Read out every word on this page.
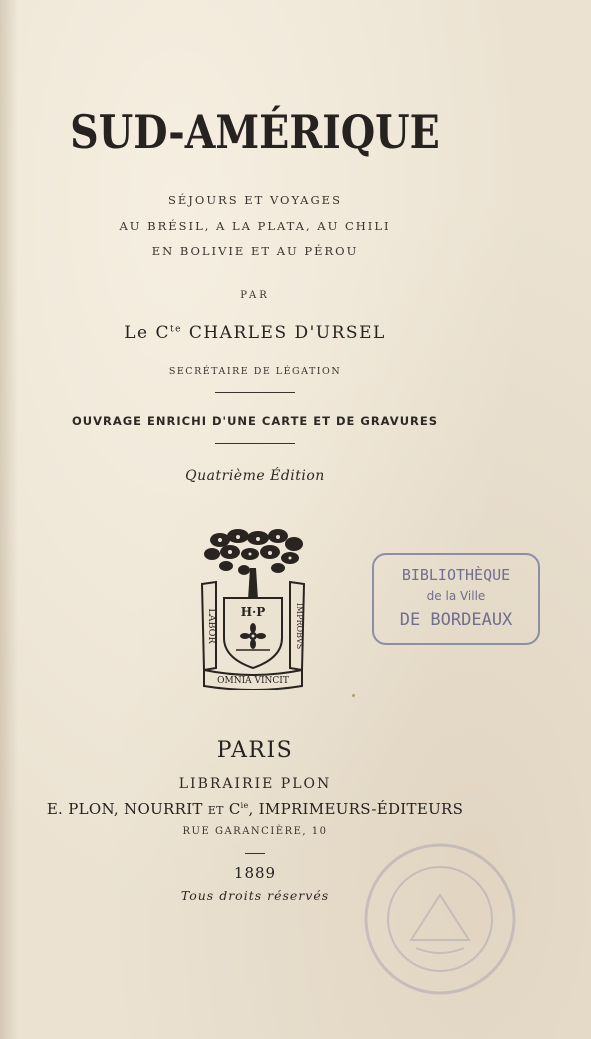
SUD-AMÉRIQUE
SÉJOURS ET VOYAGES
AU BRÉSIL, A LA PLATA, AU CHILI
EN BOLIVIE ET AU PÉROU
PAR
Le $C^{te}$ CHARLES D'URSEL
SECRÉTAIRE DE LÉGATION
OUVRAGE ENRICHI D'UNE CARTE ET DE GRAVURES
Quatrième Édition
LABOR	IMPROBVS
H·P
OMNIA VINCIT
BIBLIOTHÈQUE
de la Ville
DE BORDEAUX
PARIS
LIBRAIRIE PLON
E. PLON, NOURRIT ET $C^{ie}$, IMPRIMEURS-ÉDITEURS
RUE GARANCIÈRE, 10
1889
Tous droits réservés
